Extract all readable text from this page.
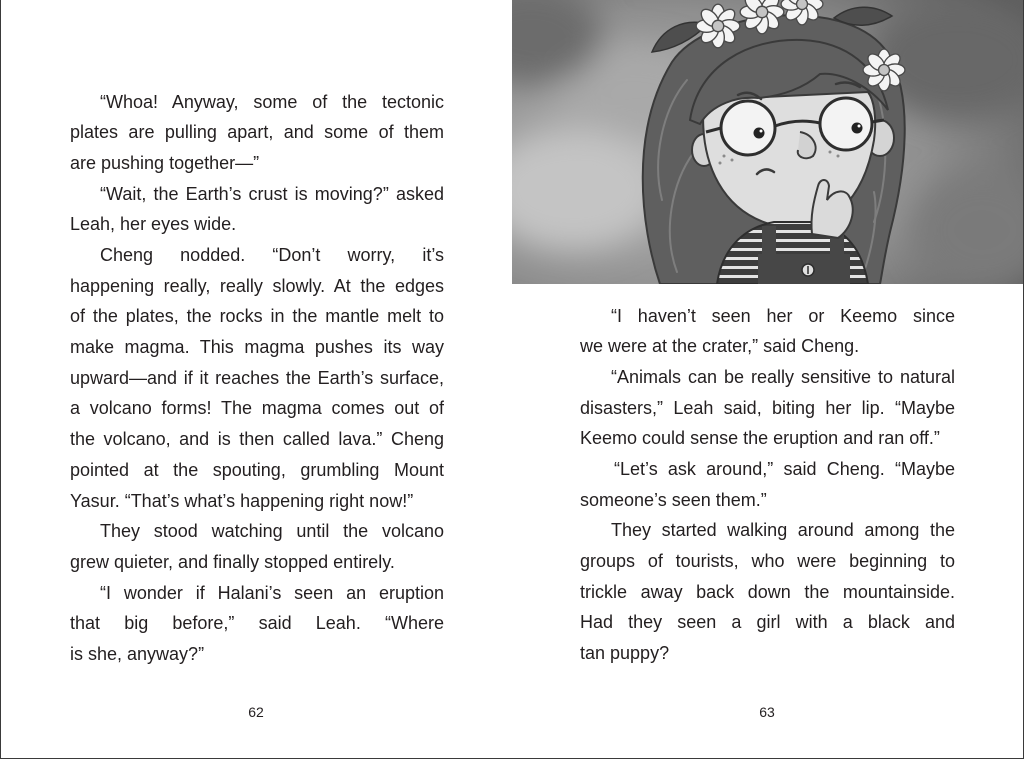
“Whoa! Anyway, some of the tectonic
plates are pulling apart, and some of them
are pushing together—”
“Wait, the Earth’s crust is moving?” asked
Leah, her eyes wide.
Cheng nodded. “Don’t worry, it’s
happening really, really slowly. At the edges
of the plates, the rocks in the mantle melt to
make magma. This magma pushes its way
upward—and if it reaches the Earth’s surface,
a volcano forms! The magma comes out of
the volcano, and is then called lava.” Cheng
pointed at the spouting, grumbling Mount
Yasur. “That’s what’s happening right now!”
They stood watching until the volcano
grew quieter, and finally stopped entirely.
“I wonder if Halani’s seen an eruption
that big before,” said Leah. “Where
is she, anyway?”
62
“I haven’t seen her or Keemo since
we were at the crater,” said Cheng.
“Animals can be really sensitive to natural
disasters,” Leah said, biting her lip. “Maybe
Keemo could sense the eruption and ran off.”
“Let’s ask around,” said Cheng. “Maybe
someone’s seen them.”
They started walking around among the
groups of tourists, who were beginning to
trickle away back down the mountainside.
Had they seen a girl with a black and
tan puppy?
63
